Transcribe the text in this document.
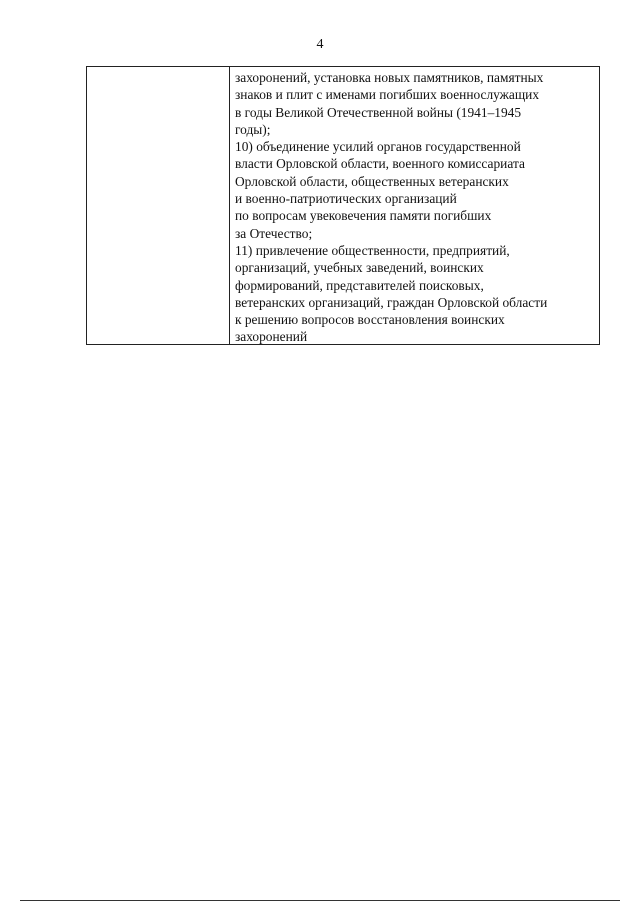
4
захоронений, установка новых памятников, памятных
знаков и плит с именами погибших военнослужащих
в годы Великой Отечественной войны (1941–1945
годы);
10) объединение усилий органов государственной
власти Орловской области, военного комиссариата
Орловской области, общественных ветеранских
и военно-патриотических организаций
по вопросам увековечения памяти погибших
за Отечество;
11) привлечение общественности, предприятий,
организаций, учебных заведений, воинских
формирований, представителей поисковых,
ветеранских организаций, граждан Орловской области
к решению вопросов восстановления воинских
захоронений
